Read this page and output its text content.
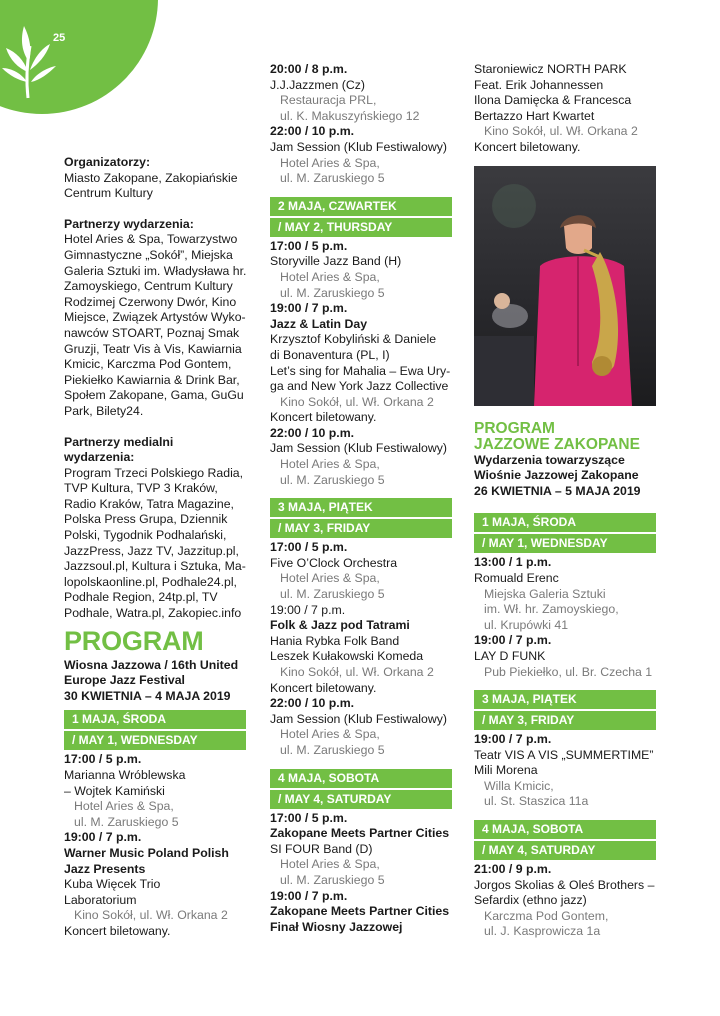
25
Organizatorzy:
Miasto Zakopane, Zakopiańskie
Centrum Kultury
Partnerzy wydarzenia:
Hotel Aries & Spa, Towarzystwo
Gimnastyczne „Sokół”, Miejska
Galeria Sztuki im. Władysława hr.
Zamoyskiego, Centrum Kultury
Rodzimej Czerwony Dwór, Kino
Miejsce, Związek Artystów Wyko-
nawców STOART, Poznaj Smak
Gruzji, Teatr Vis à Vis, Kawiarnia
Kmicic, Karczma Pod Gontem,
Piekiełko Kawiarnia & Drink Bar,
Społem Zakopane, Gama, GuGu
Park, Bilety24.
Partnerzy medialni
wydarzenia:
Program Trzeci Polskiego Radia,
TVP Kultura, TVP 3 Kraków,
Radio Kraków, Tatra Magazine,
Polska Press Grupa, Dziennik
Polski, Tygodnik Podhalański,
JazzPress, Jazz TV, Jazzitup.pl,
Jazzsoul.pl, Kultura i Sztuka, Ma-
lopolskaonline.pl, Podhale24.pl,
Podhale Region, 24tp.pl, TV
Podhale, Watra.pl, Zakopiec.info
PROGRAM
Wiosna Jazzowa / 16th United
Europe Jazz Festival
30 KWIETNIA – 4 MAJA 2019
1 MAJA, ŚRODA
/ MAY 1, WEDNESDAY
17:00 / 5 p.m.
Marianna Wróblewska
– Wojtek Kamiński
Hotel Aries & Spa,
ul. M. Zaruskiego 5
19:00 / 7 p.m.
Warner Music Poland Polish
Jazz Presents
Kuba Więcek Trio
Laboratorium
Kino Sokół, ul. Wł. Orkana 2
Koncert biletowany.
20:00 / 8 p.m.
J.J.Jazzmen (Cz)
Restauracja PRL,
ul. K. Makuszyńskiego 12
22:00 / 10 p.m.
Jam Session (Klub Festiwalowy)
Hotel Aries & Spa,
ul. M. Zaruskiego 5
2 MAJA, CZWARTEK
/ MAY 2, THURSDAY
17:00 / 5 p.m.
Storyville Jazz Band (H)
Hotel Aries & Spa,
ul. M. Zaruskiego 5
19:00 / 7 p.m.
Jazz & Latin Day
Krzysztof Kobyliński & Daniele
di Bonaventura (PL, I)
Let’s sing for Mahalia – Ewa Ury-
ga and New York Jazz Collective
Kino Sokół, ul. Wł. Orkana 2
Koncert biletowany.
22:00 / 10 p.m.
Jam Session (Klub Festiwalowy)
Hotel Aries & Spa,
ul. M. Zaruskiego 5
3 MAJA, PIĄTEK
/ MAY 3, FRIDAY
17:00 / 5 p.m.
Five O’Clock Orchestra
Hotel Aries & Spa,
ul. M. Zaruskiego 5
19:00 / 7 p.m.
Folk & Jazz pod Tatrami
Hania Rybka Folk Band
Leszek Kułakowski Komeda
Kino Sokół, ul. Wł. Orkana 2
Koncert biletowany.
22:00 / 10 p.m.
Jam Session (Klub Festiwalowy)
Hotel Aries & Spa,
ul. M. Zaruskiego 5
4 MAJA, SOBOTA
/ MAY 4, SATURDAY
17:00 / 5 p.m.
Zakopane Meets Partner Cities
SI FOUR Band (D)
Hotel Aries & Spa,
ul. M. Zaruskiego 5
19:00 / 7 p.m.
Zakopane Meets Partner Cities
Finał Wiosny Jazzowej
Staroniewicz NORTH PARK
Feat. Erik Johannessen
Ilona Damięcka & Francesca
Bertazzo Hart Kwartet
Kino Sokół, ul. Wł. Orkana 2
Koncert biletowany.
PROGRAM
JAZZOWE ZAKOPANE
Wydarzenia towarzyszące
Wiośnie Jazzowej Zakopane
26 KWIETNIA – 5 MAJA 2019
1 MAJA, ŚRODA
/ MAY 1, WEDNESDAY
13:00 / 1 p.m.
Romuald Erenc
Miejska Galeria Sztuki
im. Wł. hr. Zamoyskiego,
ul. Krupówki 41
19:00 / 7 p.m.
LAY D FUNK
Pub Piekiełko, ul. Br. Czecha 1
3 MAJA, PIĄTEK
/ MAY 3, FRIDAY
19:00 / 7 p.m.
Teatr VIS A VIS „SUMMERTIME”
Mili Morena
Willa Kmicic,
ul. St. Staszica 11a
4 MAJA, SOBOTA
/ MAY 4, SATURDAY
21:00 / 9 p.m.
Jorgos Skolias & Oleś Brothers –
Sefardix (ethno jazz)
Karczma Pod Gontem,
ul. J. Kasprowicza 1a
